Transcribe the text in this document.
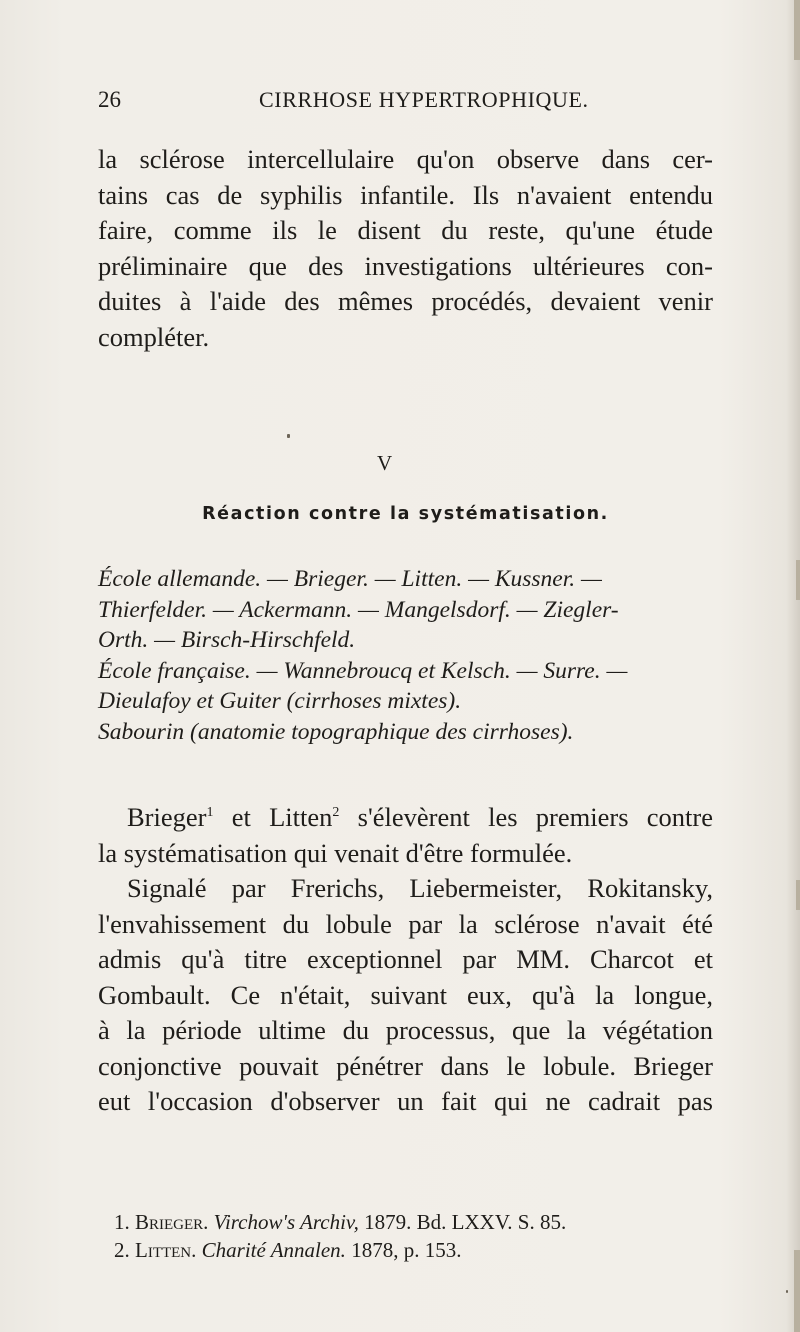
26	CIRRHOSE HYPERTROPHIQUE.
la sclérose intercellulaire qu'on observe dans cer-
tains cas de syphilis infantile. Ils n'avaient entendu
faire, comme ils le disent du reste, qu'une étude
préliminaire que des investigations ultérieures con-
duites à l'aide des mêmes procédés, devaient venir
compléter.
V
Réaction contre la systématisation.
École allemande. — Brieger. — Litten. — Kussner. —
Thierfelder. — Ackermann. — Mangelsdorf. — Ziegler-
Orth. — Birsch-Hirschfeld.
École française. — Wannebroucq et Kelsch. — Surre. —
Dieulafoy et Guiter (cirrhoses mixtes).
Sabourin (anatomie topographique des cirrhoses).
Brieger$^1$ et Litten$^2$ s'élevèrent les premiers contre
la systématisation qui venait d'être formulée.
Signalé par Frerichs, Liebermeister, Rokitansky,
l'envahissement du lobule par la sclérose n'avait été
admis qu'à titre exceptionnel par MM. Charcot et
Gombault. Ce n'était, suivant eux, qu'à la longue,
à la période ultime du processus, que la végétation
conjonctive pouvait pénétrer dans le lobule. Brieger
eut l'occasion d'observer un fait qui ne cadrait pas
1. Brieger. Virchow's Archiv, 1879. Bd. LXXV. S. 85.
2. Litten. Charité Annalen. 1878, p. 153.
